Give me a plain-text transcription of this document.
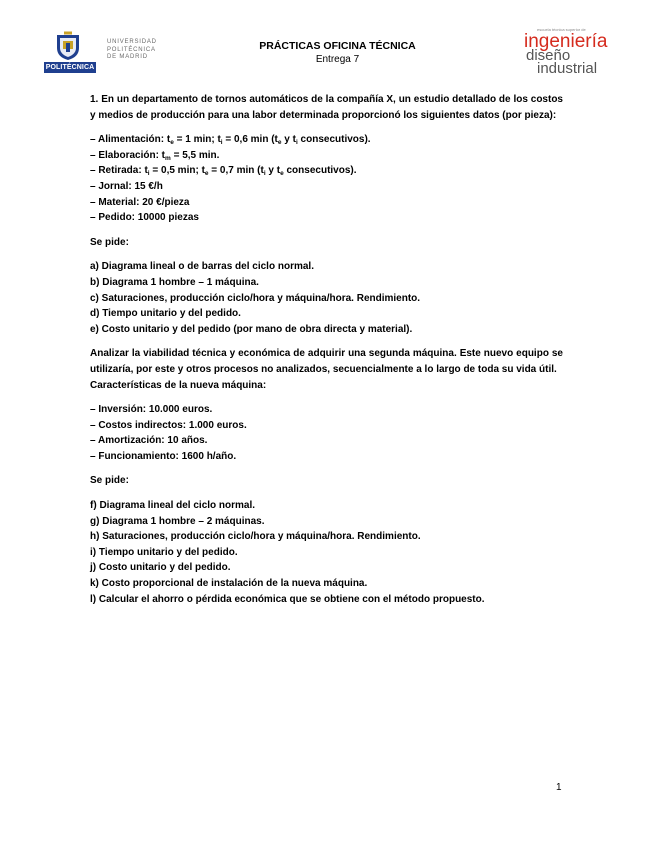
POLITÉCNICA
UNIVERSIDAD
POLITÉCNICA
DE MADRID
PRÁCTICAS OFICINA TÉCNICA
Entrega 7
escuela técnica superior de
ingeniería
diseño
industrial

1. En un departamento de tornos automáticos de la compañía X, un estudio detallado de los costos y medios de producción para una labor determinada proporcionó los siguientes datos (por pieza):

– Alimentación: $t_e = 1$ min; $t_i = 0,6$ $\min (t_e$ y $t_i$ consecutivos).

– Elaboración: $t_m = 5,5$ min.

– Retirada: $t_i = 0,5$ min; $t_e = 0,7$ $\min (t_i$ y $t_e$ consecutivos).

– Jornal: 15 €/h

– Material: 20 €/pieza

– Pedido: 10000 piezas

Se pide:

a) Diagrama lineal o de barras del ciclo normal.

b) Diagrama 1 hombre – 1 máquina.

c) Saturaciones, producción ciclo/hora y máquina/hora. Rendimiento.

d) Tiempo unitario y del pedido.

e) Costo unitario y del pedido (por mano de obra directa y material).

Analizar la viabilidad técnica y económica de adquirir una segunda máquina. Este nuevo equipo se utilizaría, por este y otros procesos no analizados, secuencialmente a lo largo de toda su vida útil.
Características de la nueva máquina:

– Inversión: 10.000 euros.

– Costos indirectos: 1.000 euros.

– Amortización: 10 años.

– Funcionamiento: 1600 h/año.

Se pide:

f) Diagrama lineal del ciclo normal.

g) Diagrama 1 hombre – 2 máquinas.

h) Saturaciones, producción ciclo/hora y máquina/hora. Rendimiento.

i) Tiempo unitario y del pedido.

j) Costo unitario y del pedido.

k) Costo proporcional de instalación de la nueva máquina.

l) Calcular el ahorro o pérdida económica que se obtiene con el método propuesto.

1
